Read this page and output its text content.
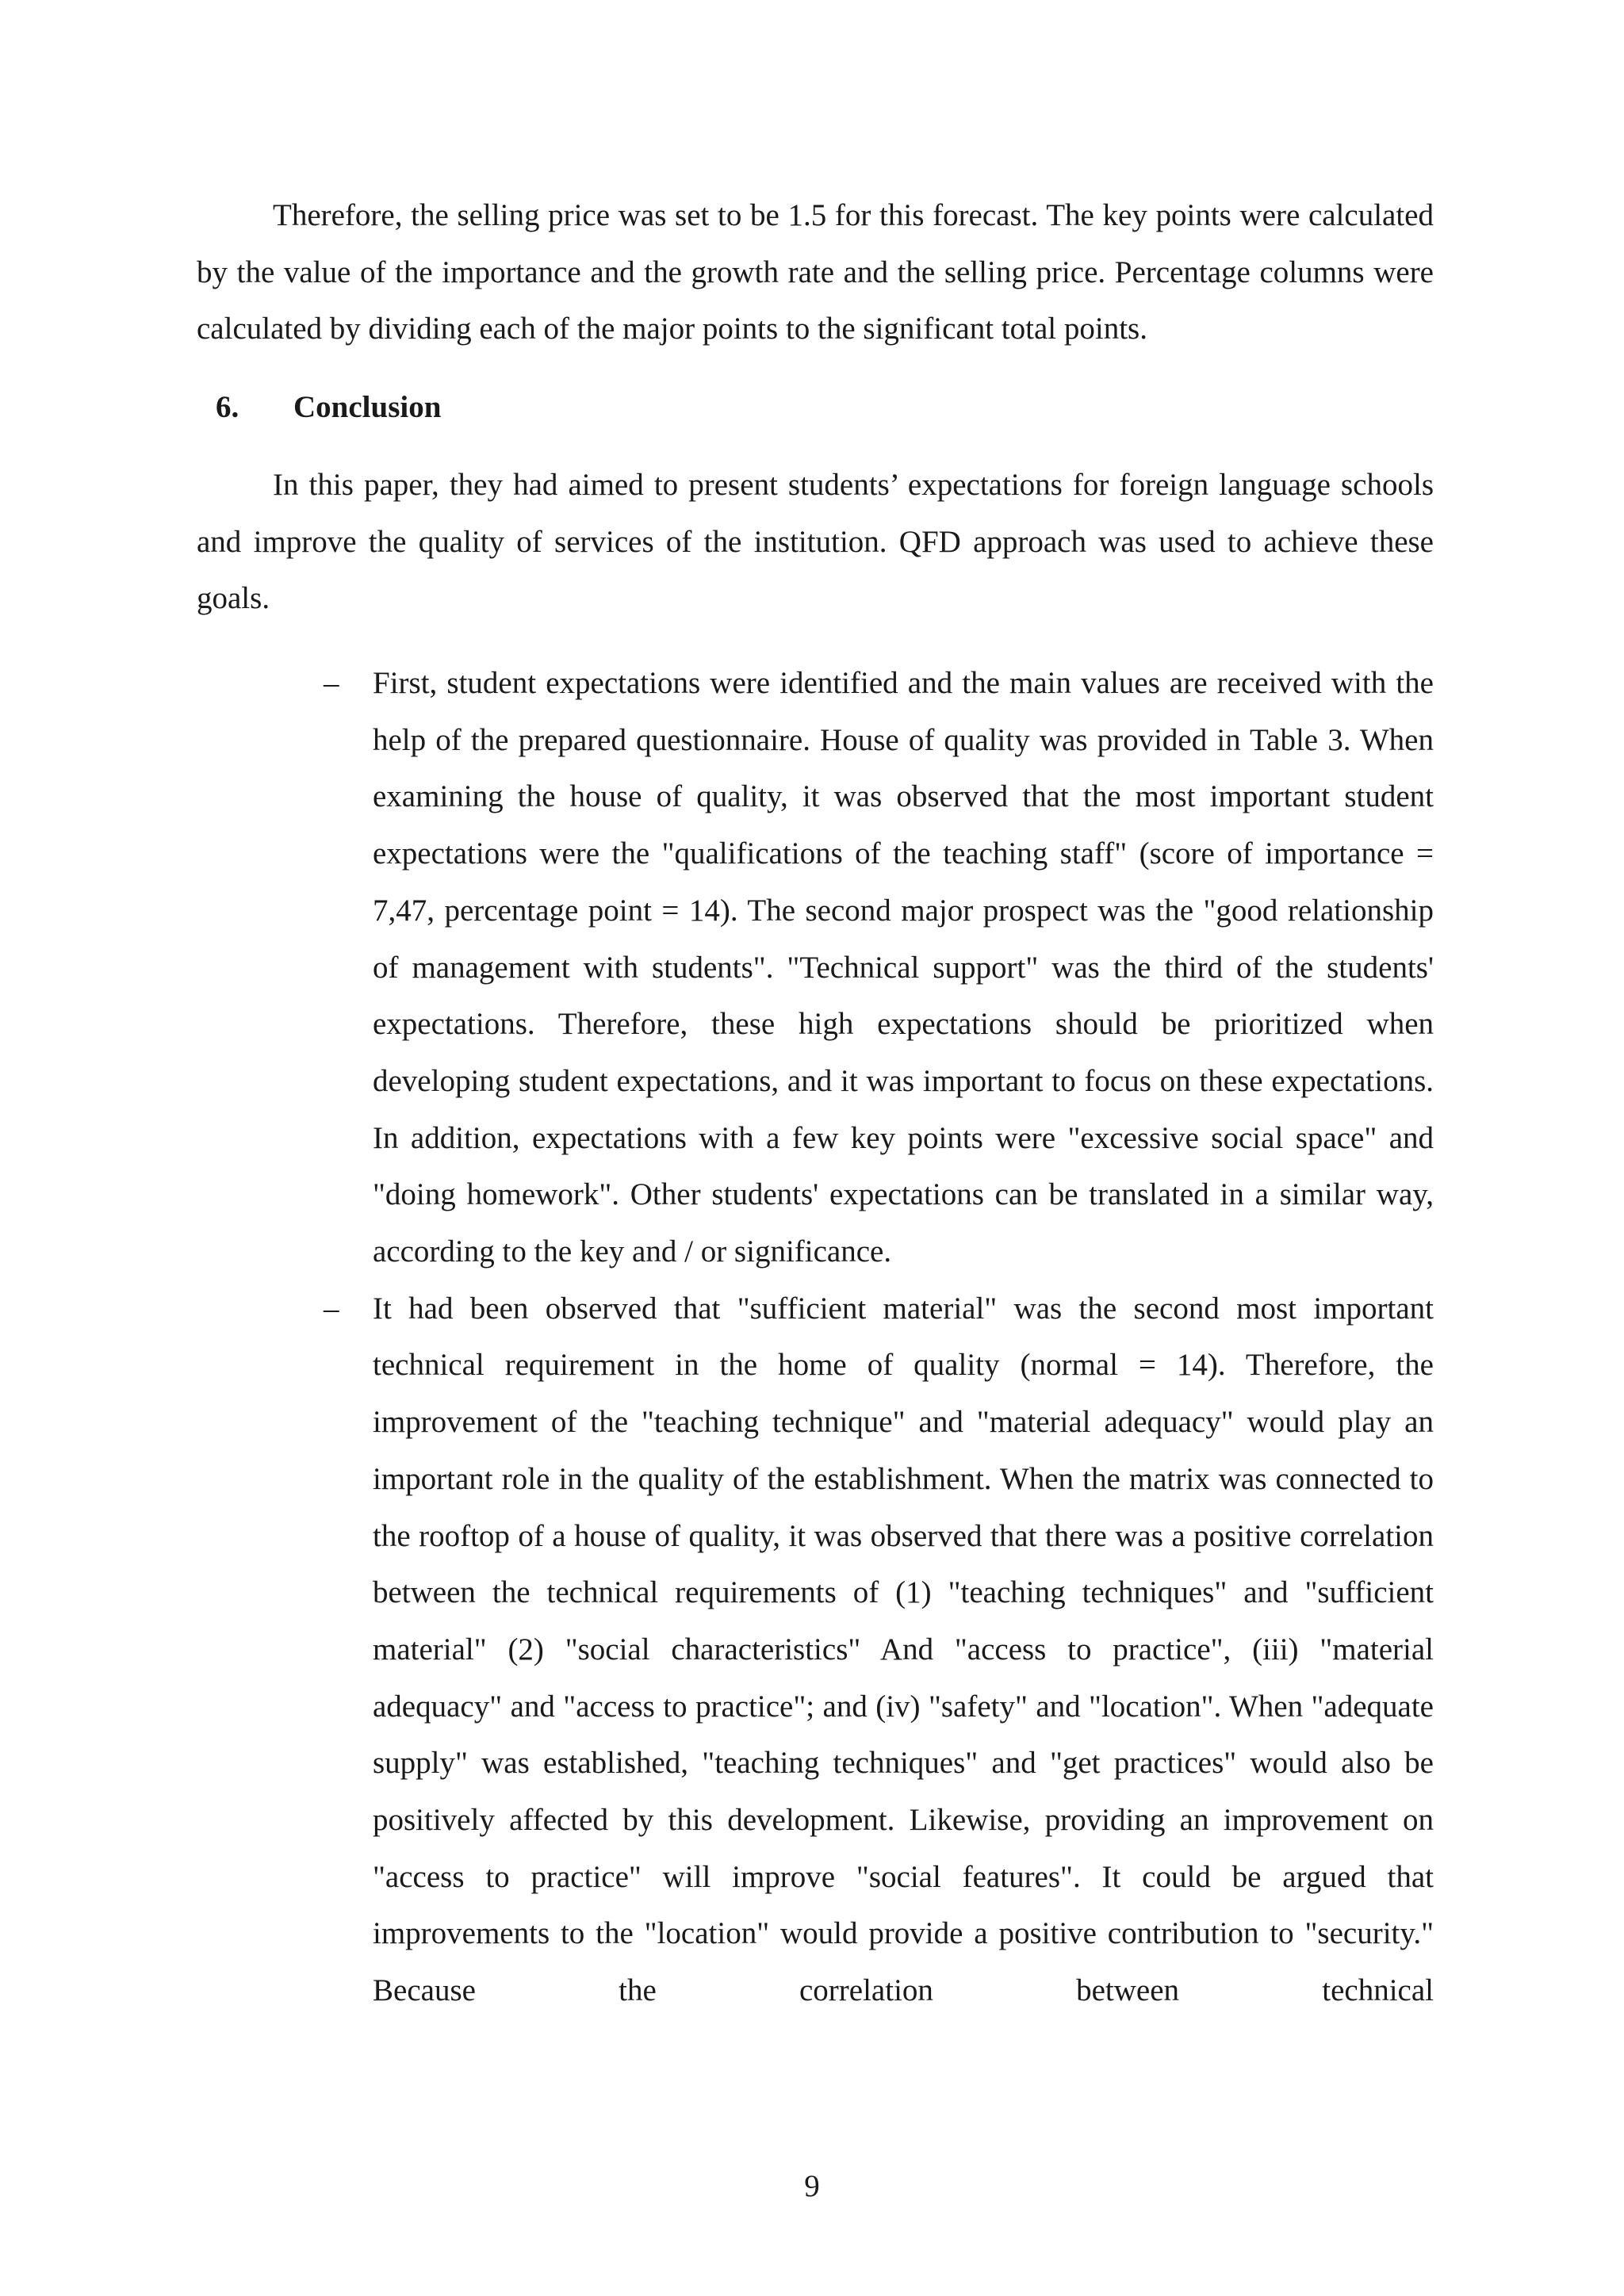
Therefore, the selling price was set to be 1.5 for this forecast. The key points were calculated by the value of the importance and the growth rate and the selling price. Percentage columns were calculated by dividing each of the major points to the significant total points.

6. Conclusion

In this paper, they had aimed to present students’ expectations for foreign language schools and improve the quality of services of the institution. QFD approach was used to achieve these goals.

– First, student expectations were identified and the main values are received with the help of the prepared questionnaire. House of quality was provided in Table 3. When examining the house of quality, it was observed that the most important student expectations were the "qualifications of the teaching staff" (score of importance = 7,47, percentage point = 14). The second major prospect was the "good relationship of management with students". "Technical support" was the third of the students' expectations. Therefore, these high expectations should be prioritized when developing student expectations, and it was important to focus on these expectations. In addition, expectations with a few key points were "excessive social space" and "doing homework". Other students' expectations can be translated in a similar way, according to the key and / or significance.
– It had been observed that "sufficient material" was the second most important technical requirement in the home of quality (normal = 14). Therefore, the improvement of the "teaching technique" and "material adequacy" would play an important role in the quality of the establishment. When the matrix was connected to the rooftop of a house of quality, it was observed that there was a positive correlation between the technical requirements of (1) "teaching techniques" and "sufficient material" (2) "social characteristics" And "access to practice", (iii) "material adequacy" and "access to practice"; and (iv) "safety" and "location". When "adequate supply" was established, "teaching techniques" and "get practices" would also be positively affected by this development. Likewise, providing an improvement on "access to practice" will improve "social features". It could be argued that improvements to the "location" would provide a positive contribution to "security." Because the correlation between technical
9
